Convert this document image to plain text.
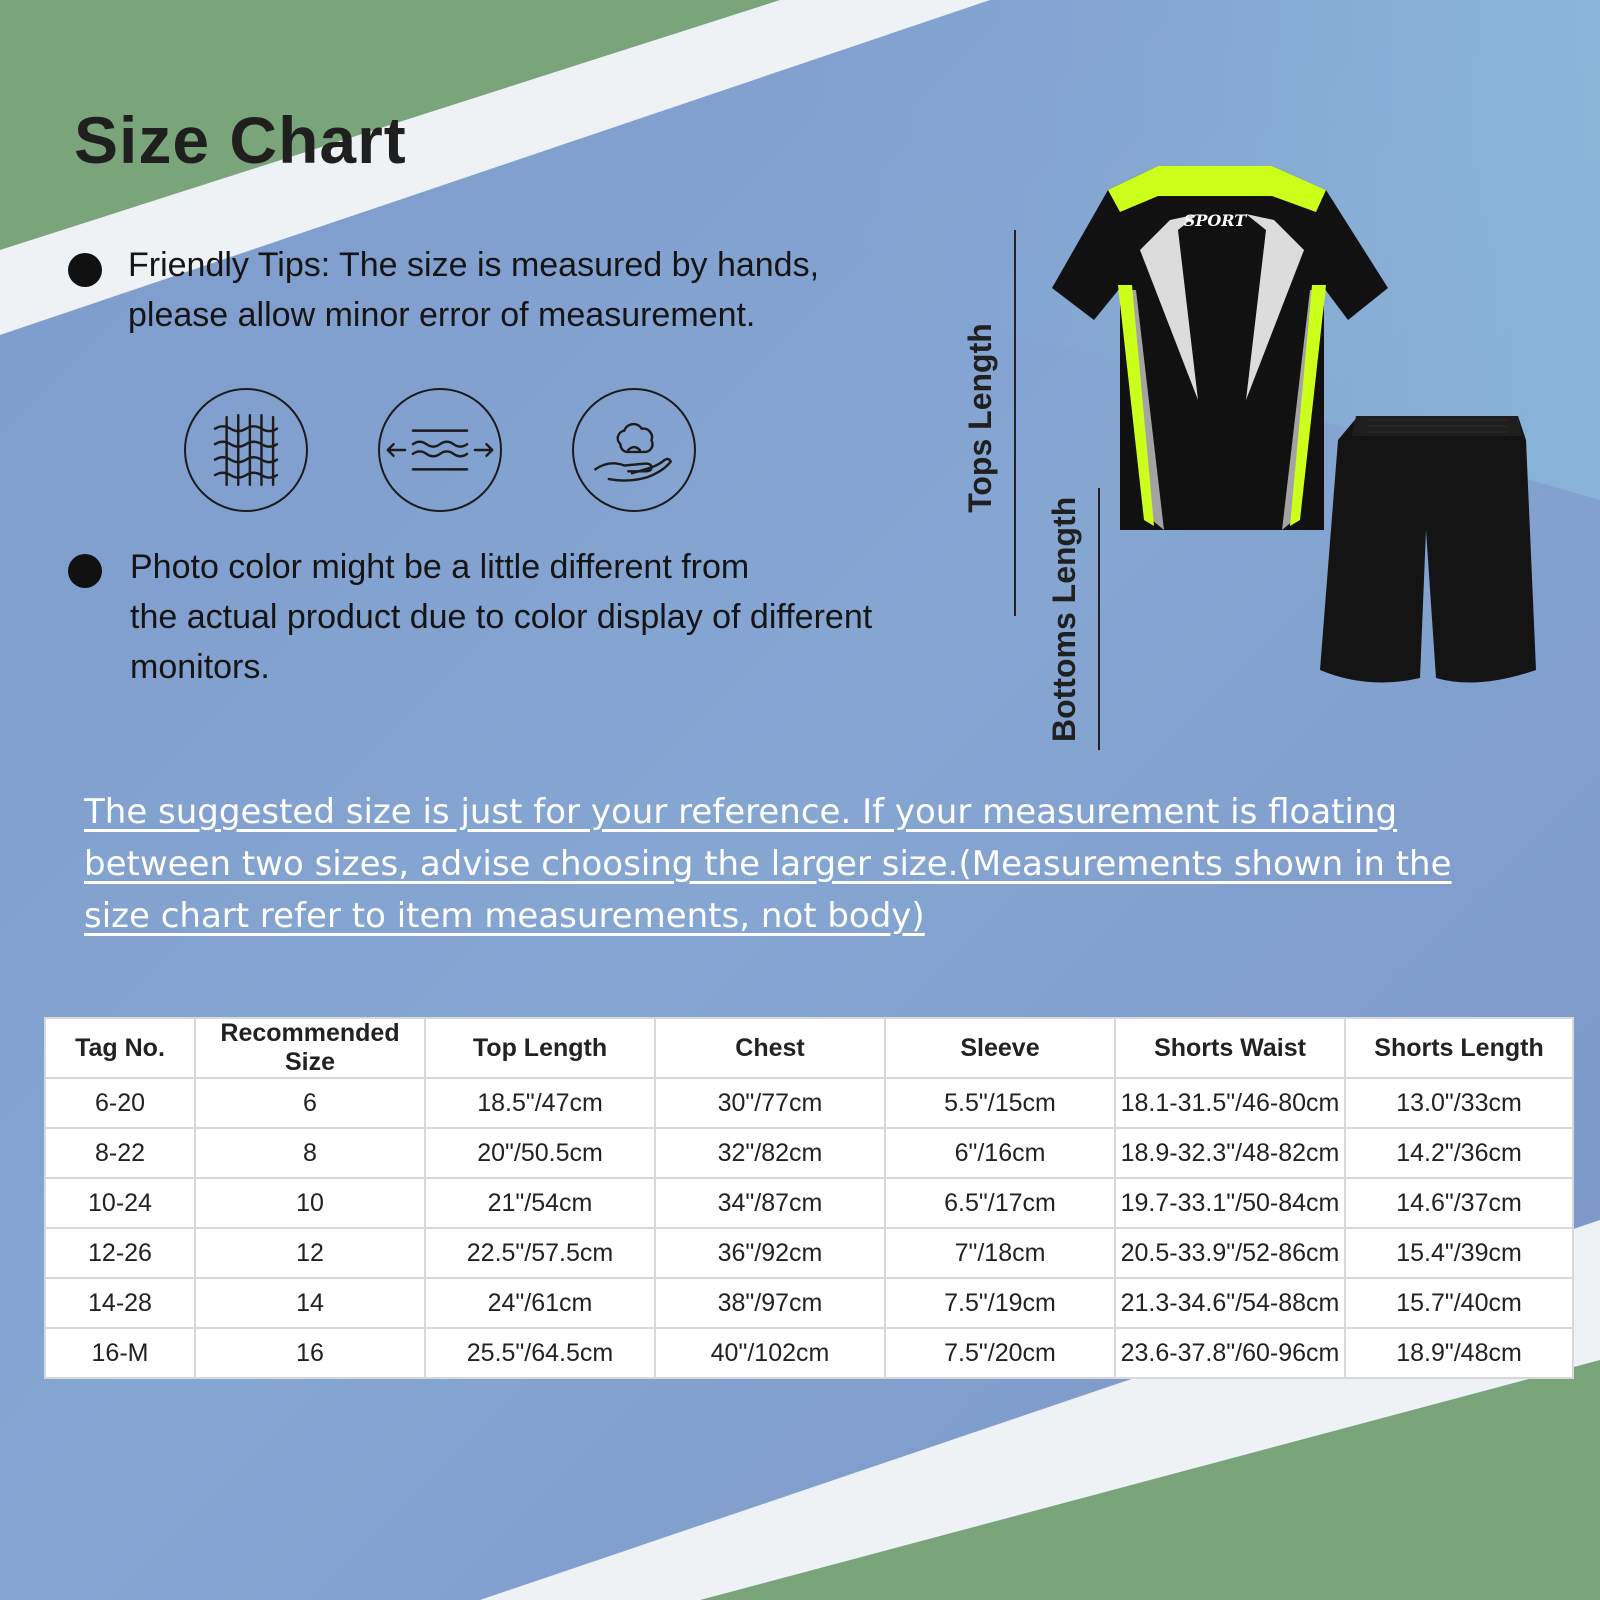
Size Chart
Friendly Tips: The size is measured by hands,
please allow minor error of measurement.
Photo color might be a little different from
the actual product due to color display of different
monitors.
Tops Length
Bottoms Length
SPORT
The suggested size is just for your reference. If your measurement is floating between two sizes, advise choosing the larger size.(Measurements shown in the size chart refer to item measurements, not body)
Tag No.	Recommended Size	Top Length	Chest	Sleeve	Shorts Waist	Shorts Length
6-20	6	18.5"/47cm	30"/77cm	5.5"/15cm	18.1-31.5"/46-80cm	13.0"/33cm
8-22	8	20"/50.5cm	32"/82cm	6"/16cm	18.9-32.3"/48-82cm	14.2"/36cm
10-24	10	21"/54cm	34"/87cm	6.5"/17cm	19.7-33.1"/50-84cm	14.6"/37cm
12-26	12	22.5"/57.5cm	36"/92cm	7"/18cm	20.5-33.9"/52-86cm	15.4"/39cm
14-28	14	24"/61cm	38"/97cm	7.5"/19cm	21.3-34.6"/54-88cm	15.7"/40cm
16-M	16	25.5"/64.5cm	40"/102cm	7.5"/20cm	23.6-37.8"/60-96cm	18.9"/48cm
